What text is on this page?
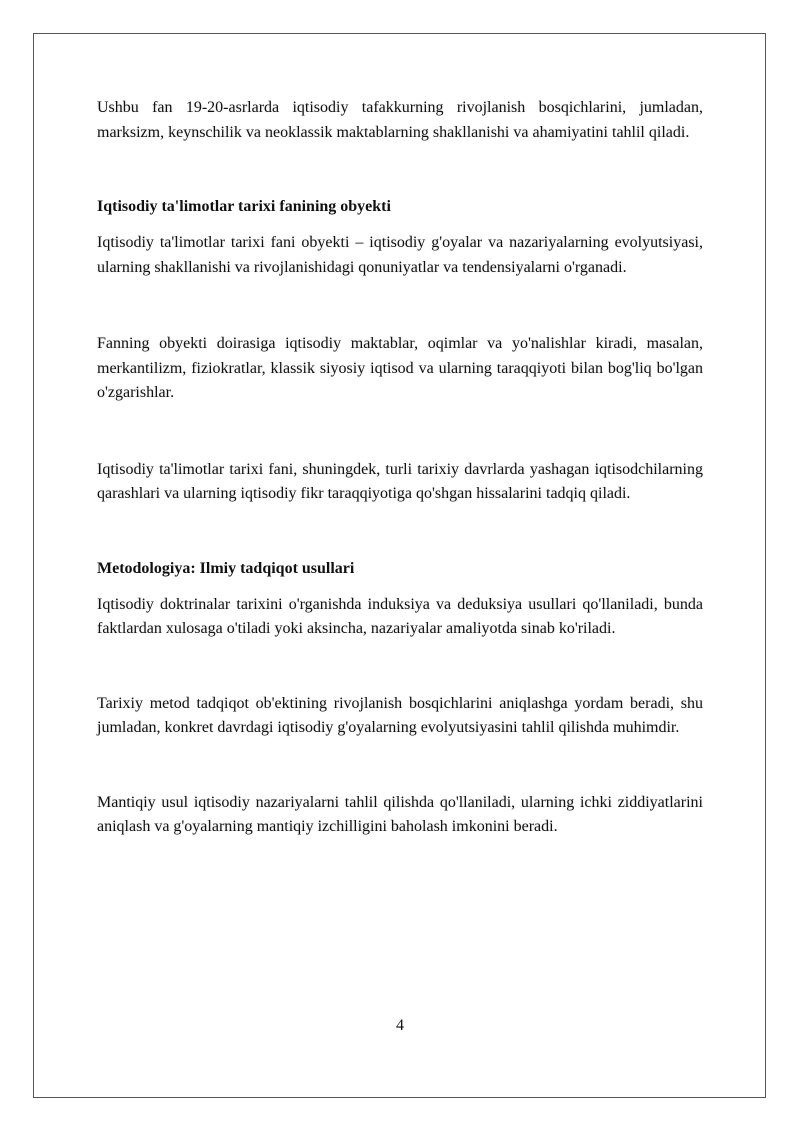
Ushbu fan 19-20-asrlarda iqtisodiy tafakkurning rivojlanish bosqichlarini, jumladan, marksizm, keynschilik va neoklassik maktablarning shakllanishi va ahamiyatini tahlil qiladi.

Iqtisodiy ta'limotlar tarixi fanining obyekti

Iqtisodiy ta'limotlar tarixi fani obyekti – iqtisodiy g'oyalar va nazariyalarning evolyutsiyasi, ularning shakllanishi va rivojlanishidagi qonuniyatlar va tendensiyalarni o'rganadi.

Fanning obyekti doirasiga iqtisodiy maktablar, oqimlar va yo'nalishlar kiradi, masalan, merkantilizm, fiziokratlar, klassik siyosiy iqtisod va ularning taraqqiyoti bilan bog'liq bo'lgan o'zgarishlar.

Iqtisodiy ta'limotlar tarixi fani, shuningdek, turli tarixiy davrlarda yashagan iqtisodchilarning qarashlari va ularning iqtisodiy fikr taraqqiyotiga qo'shgan hissalarini tadqiq qiladi.

Metodologiya: Ilmiy tadqiqot usullari

Iqtisodiy doktrinalar tarixini o'rganishda induksiya va deduksiya usullari qo'llaniladi, bunda faktlardan xulosaga o'tiladi yoki aksincha, nazariyalar amaliyotda sinab ko'riladi.

Tarixiy metod tadqiqot ob'ektining rivojlanish bosqichlarini aniqlashga yordam beradi, shu jumladan, konkret davrdagi iqtisodiy g'oyalarning evolyutsiyasini tahlil qilishda muhimdir.

Mantiqiy usul iqtisodiy nazariyalarni tahlil qilishda qo'llaniladi, ularning ichki ziddiyatlarini aniqlash va g'oyalarning mantiqiy izchilligini baholash imkonini beradi.

4
